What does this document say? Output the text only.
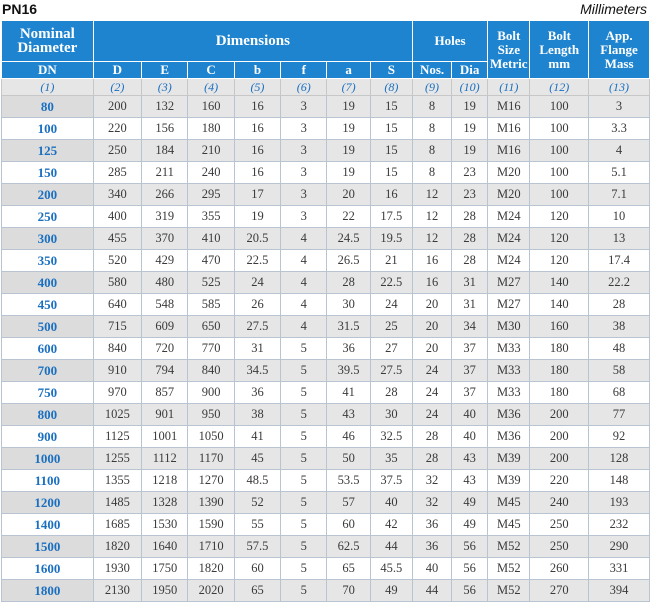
PN16	Millimeters
Nominal Diameter	Dimensions							Holes		Bolt Size Metric	Bolt Length mm	App. Flange Mass
DN	D	E	C	b	f	a	S	Nos.	Dia			
(1)	(2)	(3)	(4)	(5)	(6)	(7)	(8)	(9)	(10)	(11)	(12)	(13)
80	200	132	160	16	3	19	15	8	19	M16	100	3
100	220	156	180	16	3	19	15	8	19	M16	100	3.3
125	250	184	210	16	3	19	15	8	19	M16	100	4
150	285	211	240	16	3	19	15	8	23	M20	100	5.1
200	340	266	295	17	3	20	16	12	23	M20	100	7.1
250	400	319	355	19	3	22	17.5	12	28	M24	120	10
300	455	370	410	20.5	4	24.5	19.5	12	28	M24	120	13
350	520	429	470	22.5	4	26.5	21	16	28	M24	120	17.4
400	580	480	525	24	4	28	22.5	16	31	M27	140	22.2
450	640	548	585	26	4	30	24	20	31	M27	140	28
500	715	609	650	27.5	4	31.5	25	20	34	M30	160	38
600	840	720	770	31	5	36	27	20	37	M33	180	48
700	910	794	840	34.5	5	39.5	27.5	24	37	M33	180	58
750	970	857	900	36	5	41	28	24	37	M33	180	68
800	1025	901	950	38	5	43	30	24	40	M36	200	77
900	1125	1001	1050	41	5	46	32.5	28	40	M36	200	92
1000	1255	1112	1170	45	5	50	35	28	43	M39	200	128
1100	1355	1218	1270	48.5	5	53.5	37.5	32	43	M39	220	148
1200	1485	1328	1390	52	5	57	40	32	49	M45	240	193
1400	1685	1530	1590	55	5	60	42	36	49	M45	250	232
1500	1820	1640	1710	57.5	5	62.5	44	36	56	M52	250	290
1600	1930	1750	1820	60	5	65	45.5	40	56	M52	260	331
1800	2130	1950	2020	65	5	70	49	44	56	M52	270	394
